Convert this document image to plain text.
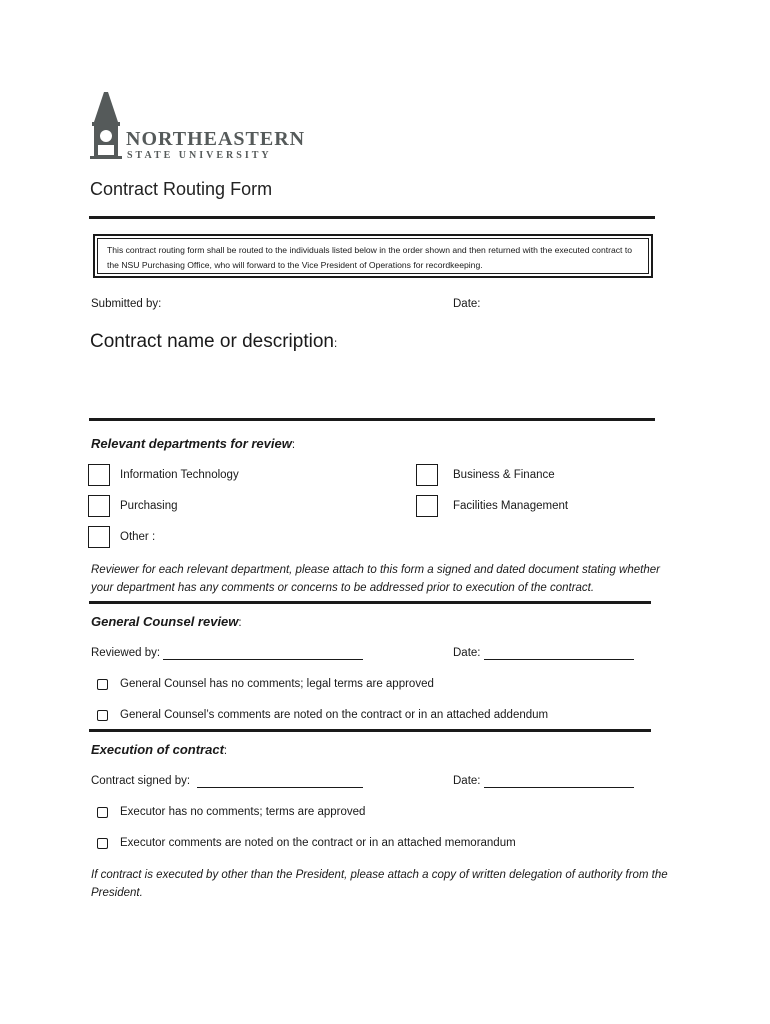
NORTHEASTERN
STATE UNIVERSITY
Contract Routing Form
This contract routing form shall be routed to the individuals listed below in the order shown and then returned with the executed contract to the NSU Purchasing Office, who will forward to the Vice President of Operations for recordkeeping.
Submitted by:	Date:
Contract name or description:
Relevant departments for review:
Information Technology	Business & Finance
Purchasing	Facilities Management
Other :
Reviewer for each relevant department, please attach to this form a signed and dated document stating whether your department has any comments or concerns to be addressed prior to execution of the contract.
General Counsel review:
Reviewed by:	Date:
General Counsel has no comments; legal terms are approved
General Counsel’s comments are noted on the contract or in an attached addendum
Execution of contract:
Contract signed by:	Date:
Executor has no comments; terms are approved
Executor comments are noted on the contract or in an attached memorandum
If contract is executed by other than the President, please attach a copy of written delegation of authority from the President.
